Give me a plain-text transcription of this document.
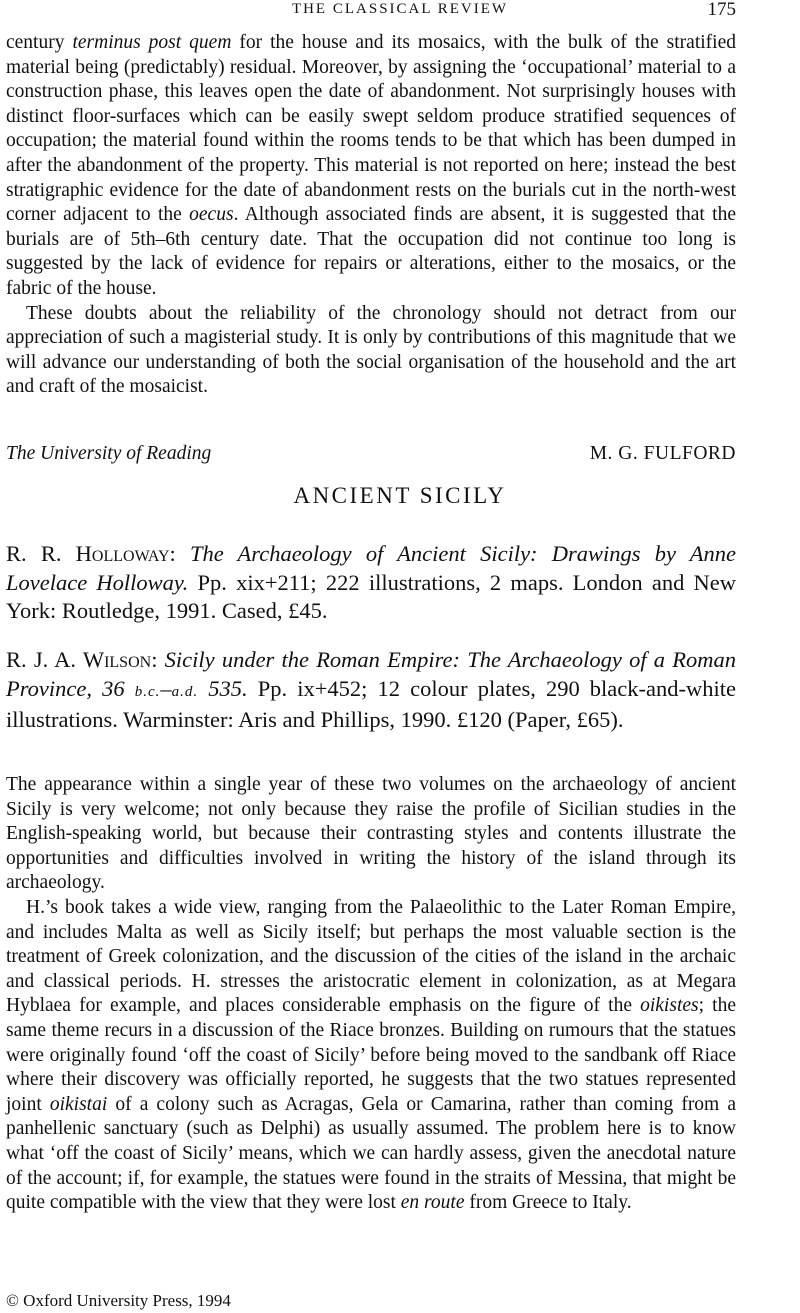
THE CLASSICAL REVIEW	175

century terminus post quem for the house and its mosaics, with the bulk of the stratified material being (predictably) residual. Moreover, by assigning the ‘occupational’ material to a construction phase, this leaves open the date of abandonment. Not surprisingly houses with distinct floor-surfaces which can be easily swept seldom produce stratified sequences of occupation; the material found within the rooms tends to be that which has been dumped in after the abandonment of the property. This material is not reported on here; instead the best stratigraphic evidence for the date of abandonment rests on the burials cut in the north-west corner adjacent to the oecus. Although associated finds are absent, it is suggested that the burials are of 5th–6th century date. That the occupation did not continue too long is suggested by the lack of evidence for repairs or alterations, either to the mosaics, or the fabric of the house.

These doubts about the reliability of the chronology should not detract from our appreciation of such a magisterial study. It is only by contributions of this magnitude that we will advance our understanding of both the social organisation of the household and the art and craft of the mosaicist.

The University of Reading	M. G. FULFORD
ANCIENT SICILY

R. R. Holloway: The Archaeology of Ancient Sicily: Drawings by Anne Lovelace Holloway. Pp. xix+211; 222 illustrations, 2 maps. London and New York: Routledge, 1991. Cased, £45.

R. J. A. Wilson: Sicily under the Roman Empire: The Archaeology of a Roman Province, 36 b.c.–a.d. 535. Pp. ix+452; 12 colour plates, 290 black-and-white illustrations. Warminster: Aris and Phillips, 1990. £120 (Paper, £65).

The appearance within a single year of these two volumes on the archaeology of ancient Sicily is very welcome; not only because they raise the profile of Sicilian studies in the English-speaking world, but because their contrasting styles and contents illustrate the opportunities and difficulties involved in writing the history of the island through its archaeology.

H.’s book takes a wide view, ranging from the Palaeolithic to the Later Roman Empire, and includes Malta as well as Sicily itself; but perhaps the most valuable section is the treatment of Greek colonization, and the discussion of the cities of the island in the archaic and classical periods. H. stresses the aristocratic element in colonization, as at Megara Hyblaea for example, and places considerable emphasis on the figure of the oikistes; the same theme recurs in a discussion of the Riace bronzes. Building on rumours that the statues were originally found ‘off the coast of Sicily’ before being moved to the sandbank off Riace where their discovery was officially reported, he suggests that the two statues represented joint oikistai of a colony such as Acragas, Gela or Camarina, rather than coming from a panhellenic sanctuary (such as Delphi) as usually assumed. The problem here is to know what ‘off the coast of Sicily’ means, which we can hardly assess, given the anecdotal nature of the account; if, for example, the statues were found in the straits of Messina, that might be quite compatible with the view that they were lost en route from Greece to Italy.

© Oxford University Press, 1994
